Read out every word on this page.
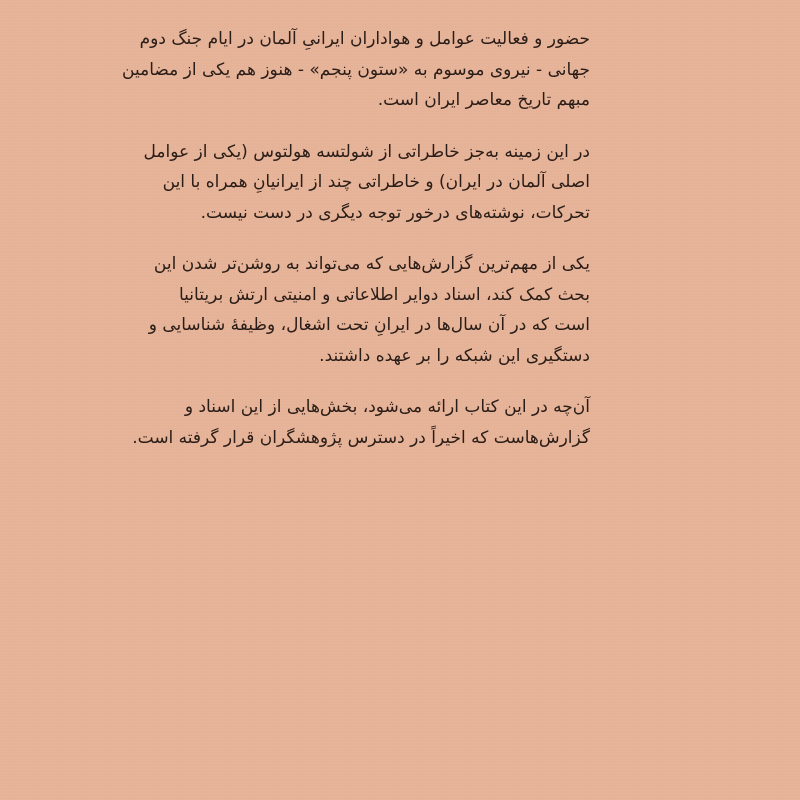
حضور و فعالیت عوامل و هواداران ایرانیِ آلمان در ایام جنگ دوم
جهانی - نیروی موسوم به «ستون پنجم» - هنوز هم یکی از مضامین
مبهم تاریخ معاصر ایران است.

در این زمینه به‌جز خاطراتی از شولتسه هولتوس (یکی از عوامل
اصلی آلمان در ایران) و خاطراتی چند از ایرانیانِ همراه با این
تحرکات، نوشته‌های درخور توجه دیگری در دست نیست.

یکی از مهم‌ترین گزارش‌هایی که می‌تواند به روشن‌تر شدن این
بحث کمک کند، اسناد دوایر اطلاعاتی و امنیتی ارتش بریتانیا
است که در آن سال‌ها در ایرانِ تحت اشغال، وظیفهٔ شناسایی و
دستگیری این شبکه را بر عهده داشتند.

آن‌چه در این کتاب ارائه می‌شود، بخش‌هایی از این اسناد و
گزارش‌هاست که اخیراً در دسترس پژوهشگران قرار گرفته است.
